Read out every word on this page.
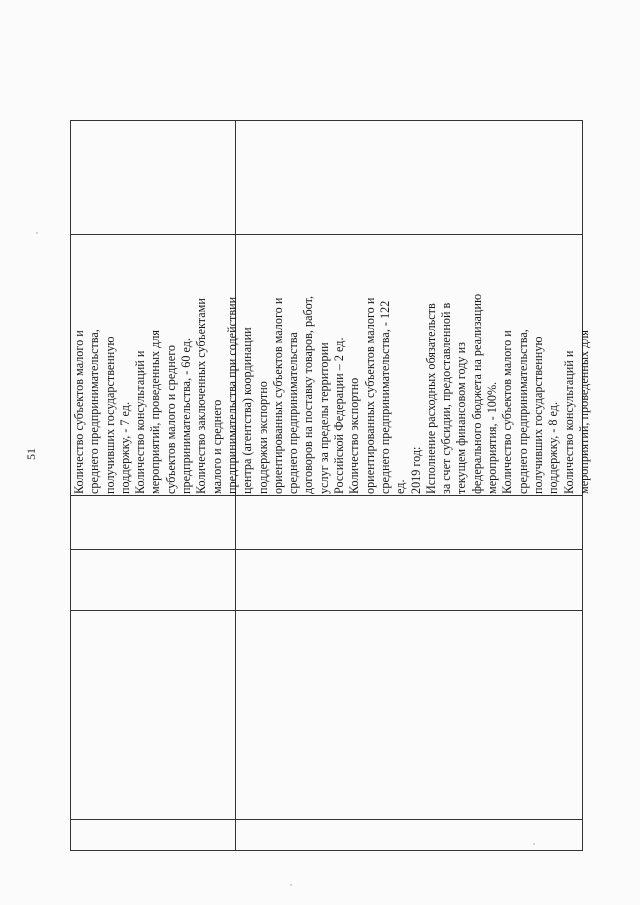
51	Количество субъектов малого и среднего предпринимательства, получивших государственную поддержку, - 7 ед. Количество консультаций и мероприятий, проведенных для субъектов малого и среднего предпринимательства, - 60 ед. Количество заключенных субъектами малого и среднего предпринимательства при содействии центра (агентства) координации поддержки экспортно ориентированных субъектов малого и среднего предпринимательства договоров на поставку товаров, работ, услуг за пределы территории Российской Федерации – 2 ед. Количество экспортно ориентированных субъектов малого и среднего предпринимательства, - 122 ед. 2019 год: Исполнение расходных обязательств за счет субсидии, предоставленной в текущем финансовом году из федерального бюджета на реализацию мероприятия, - 100%. Количество субъектов малого и среднего предпринимательства, получивших государственную поддержку, - 8 ед. Количество консультаций и мероприятий, проведенных для
